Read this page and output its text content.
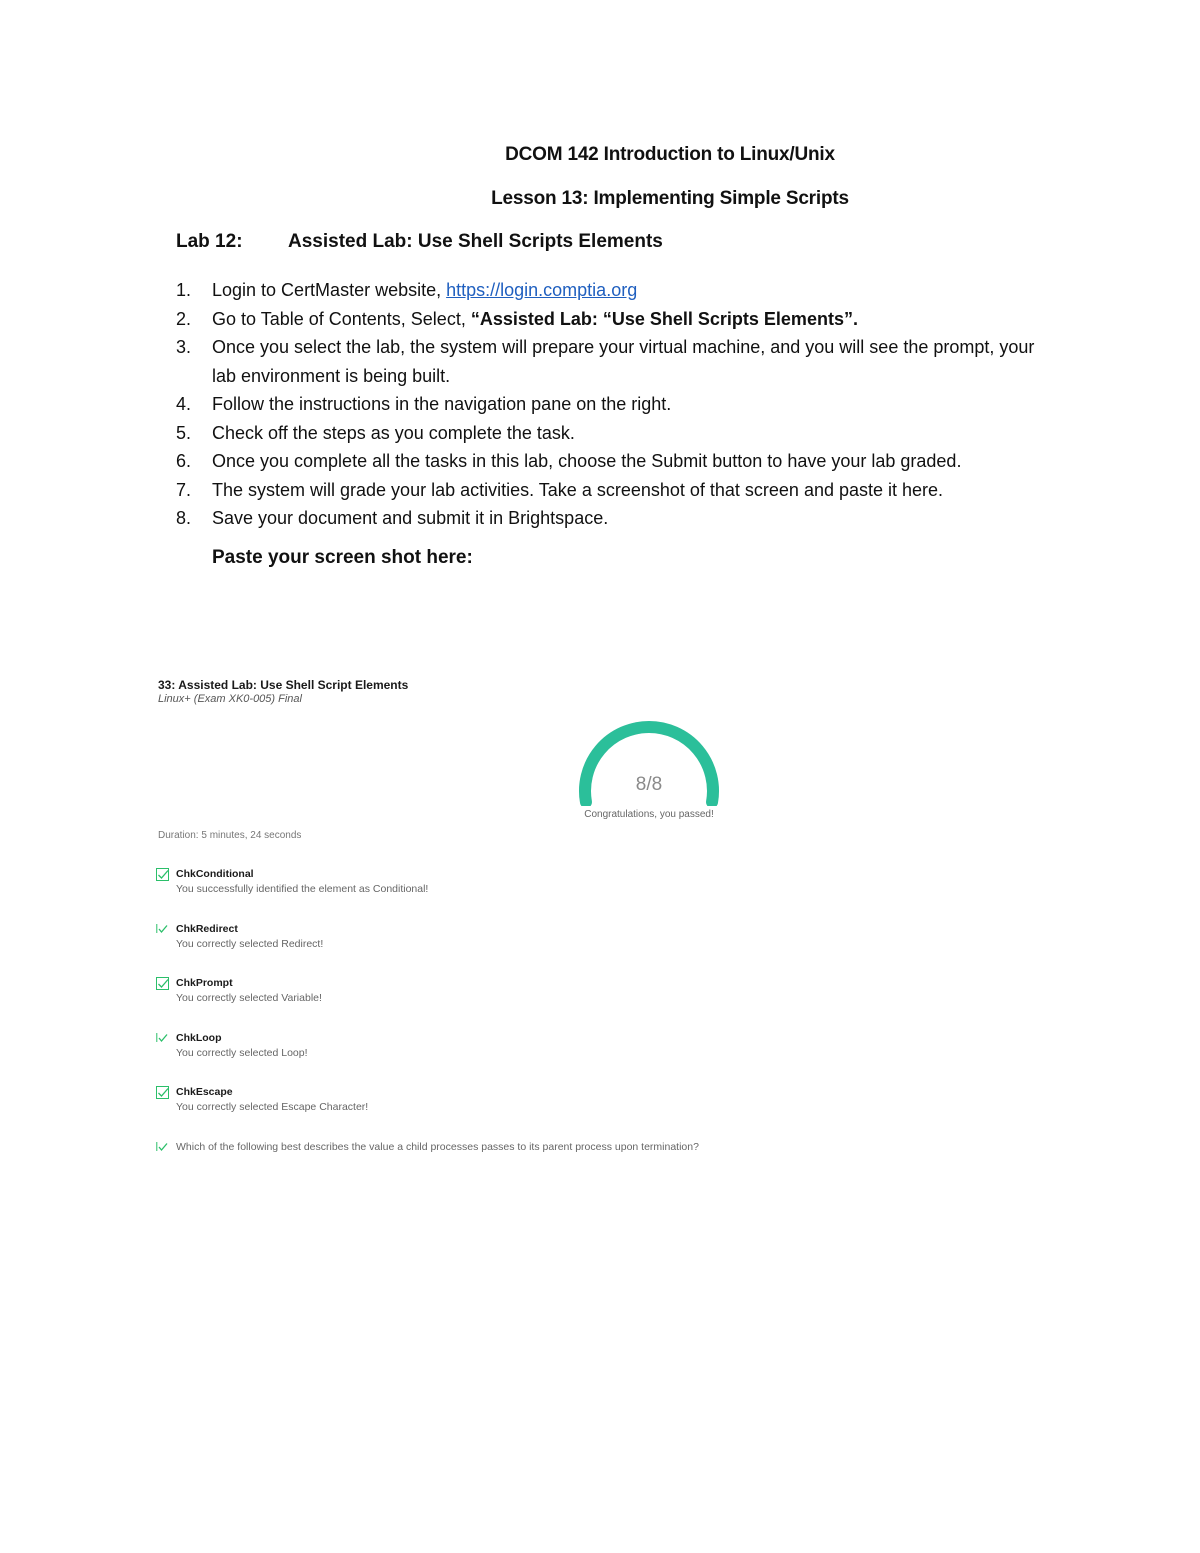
DCOM 142 Introduction to Linux/Unix
Lesson 13: Implementing Simple Scripts
Lab 12: Assisted Lab: Use Shell Scripts Elements
1. Login to CertMaster website, https://login.comptia.org
2. Go to Table of Contents, Select, “Assisted Lab: “Use Shell Scripts Elements”.
3. Once you select the lab, the system will prepare your virtual machine, and you will see the prompt, your lab environment is being built.
4. Follow the instructions in the navigation pane on the right.
5. Check off the steps as you complete the task.
6. Once you complete all the tasks in this lab, choose the Submit button to have your lab graded.
7. The system will grade your lab activities. Take a screenshot of that screen and paste it here.
8. Save your document and submit it in Brightspace.
Paste your screen shot here:
33: Assisted Lab: Use Shell Script Elements
Linux+ (Exam XK0-005) Final
8/8
Congratulations, you passed!
Duration: 5 minutes, 24 seconds
ChkConditional
You successfully identified the element as Conditional!
ChkRedirect
You correctly selected Redirect!
ChkPrompt
You correctly selected Variable!
ChkLoop
You correctly selected Loop!
ChkEscape
You correctly selected Escape Character!
Which of the following best describes the value a child processes passes to its parent process upon termination?
